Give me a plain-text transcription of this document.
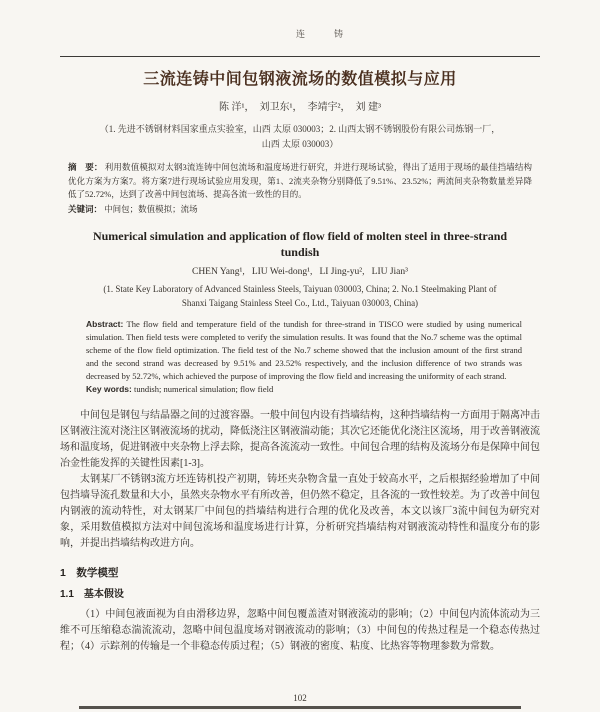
连　铸

三流连铸中间包钢液流场的数值模拟与应用
陈 洋¹，  刘卫东¹，  李靖宇²，  刘 建³
（1. 先进不锈钢材料国家重点实验室，山西 太原 030003；2. 山西太钢不锈钢股份有限公司炼钢一厂，
山西 太原 030003）
摘　要： 利用数值模拟对太钢3流连铸中间包流场和温度场进行研究，并进行现场试验，得出了适用于现场的最佳挡墙结构优化方案为方案7。将方案7进行现场试验应用发现，第1、2流夹杂物分别降低了9.51%、23.52%；两流间夹杂物数量差异降低了52.72%，达到了改善中间包流场、提高各流一致性的目的。
关键词： 中间包；数值模拟；流场
Numerical simulation and application of flow field of molten steel in three-strand
tundish
CHEN Yang¹,   LIU Wei-dong¹,   LI Jing-yu²,   LIU Jian³
(1. State Key Laboratory of Advanced Stainless Steels, Taiyuan 030003, China; 2. No.1 Steelmaking Plant of
Shanxi Taigang Stainless Steel Co., Ltd., Taiyuan 030003, China)
Abstract: The flow field and temperature field of the tundish for three-strand in TISCO were studied by using numerical simulation. Then field tests were completed to verify the simulation results. It was found that the No.7 scheme was the optimal scheme of the flow field optimization. The field test of the No.7 scheme showed that the inclusion amount of the first strand and the second strand was decreased by 9.51% and 23.52% respectively, and the inclusion difference of two strands was decreased by 52.72%, which achieved the purpose of improving the flow field and increasing the uniformity of each strand.
Key words: tundish; numerical simulation; flow field

中间包是钢包与结晶器之间的过渡容器。一般中间包内设有挡墙结构，这种挡墙结构一方面用于隔离冲击区钢液注流对浇注区钢液流场的扰动，降低浇注区钢液湍动能；其次它还能优化浇注区流场，用于改善钢液流场和温度场，促进钢液中夹杂物上浮去除，提高各流流动一致性。中间包合理的结构及流场分布是保障中间包冶金性能发挥的关键性因素[1-3]。

太钢某厂不锈钢3流方坯连铸机投产初期，铸坯夹杂物含量一直处于较高水平，之后根据经验增加了中间包挡墙导流孔数量和大小，虽然夹杂物水平有所改善，但仍然不稳定，且各流的一致性较差。为了改善中间包内钢液的流动特性，对太钢某厂中间包的挡墙结构进行合理的优化及改善，本文以该厂3流中间包为研究对象，采用数值模拟方法对中间包流场和温度场进行计算，分析研究挡墙结构对钢液流动特性和温度分布的影响，并提出挡墙结构改进方向。

1　数学模型
1.1　基本假设

（1）中间包液面视为自由滑移边界，忽略中间包覆盖渣对钢液流动的影响；（2）中间包内流体流动为三维不可压缩稳态湍流流动，忽略中间包温度场对钢液流动的影响；（3）中间包的传热过程是一个稳态传热过程；（4）示踪剂的传输是一个非稳态传质过程；（5）钢液的密度、粘度、比热容等物理参数为常数。

102
